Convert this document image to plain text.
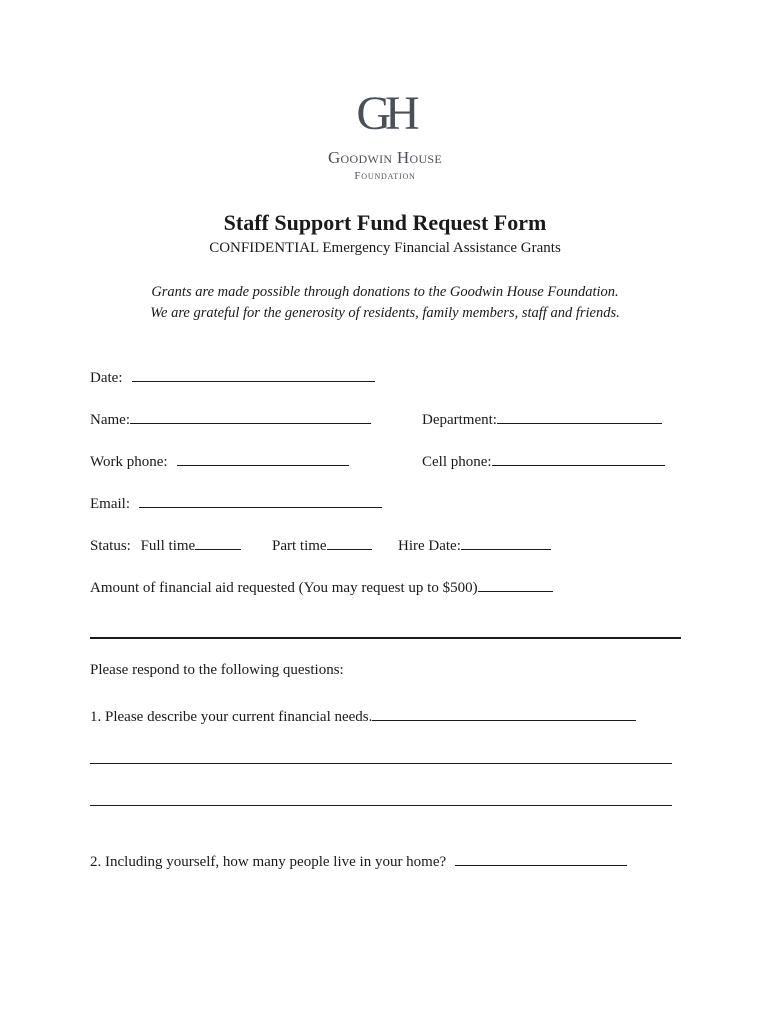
GH
Goodwin House
Foundation
Staff Support Fund Request Form
CONFIDENTIAL Emergency Financial Assistance Grants
Grants are made possible through donations to the Goodwin House Foundation.
We are grateful for the generosity of residents, family members, staff and friends.
Date:
Name:	Department:
Work phone:	Cell phone:
Email:
Status: Full time	Part time	Hire Date:
Amount of financial aid requested (You may request up to $500)
Please respond to the following questions:
1. Please describe your current financial needs.
2. Including yourself, how many people live in your home?
